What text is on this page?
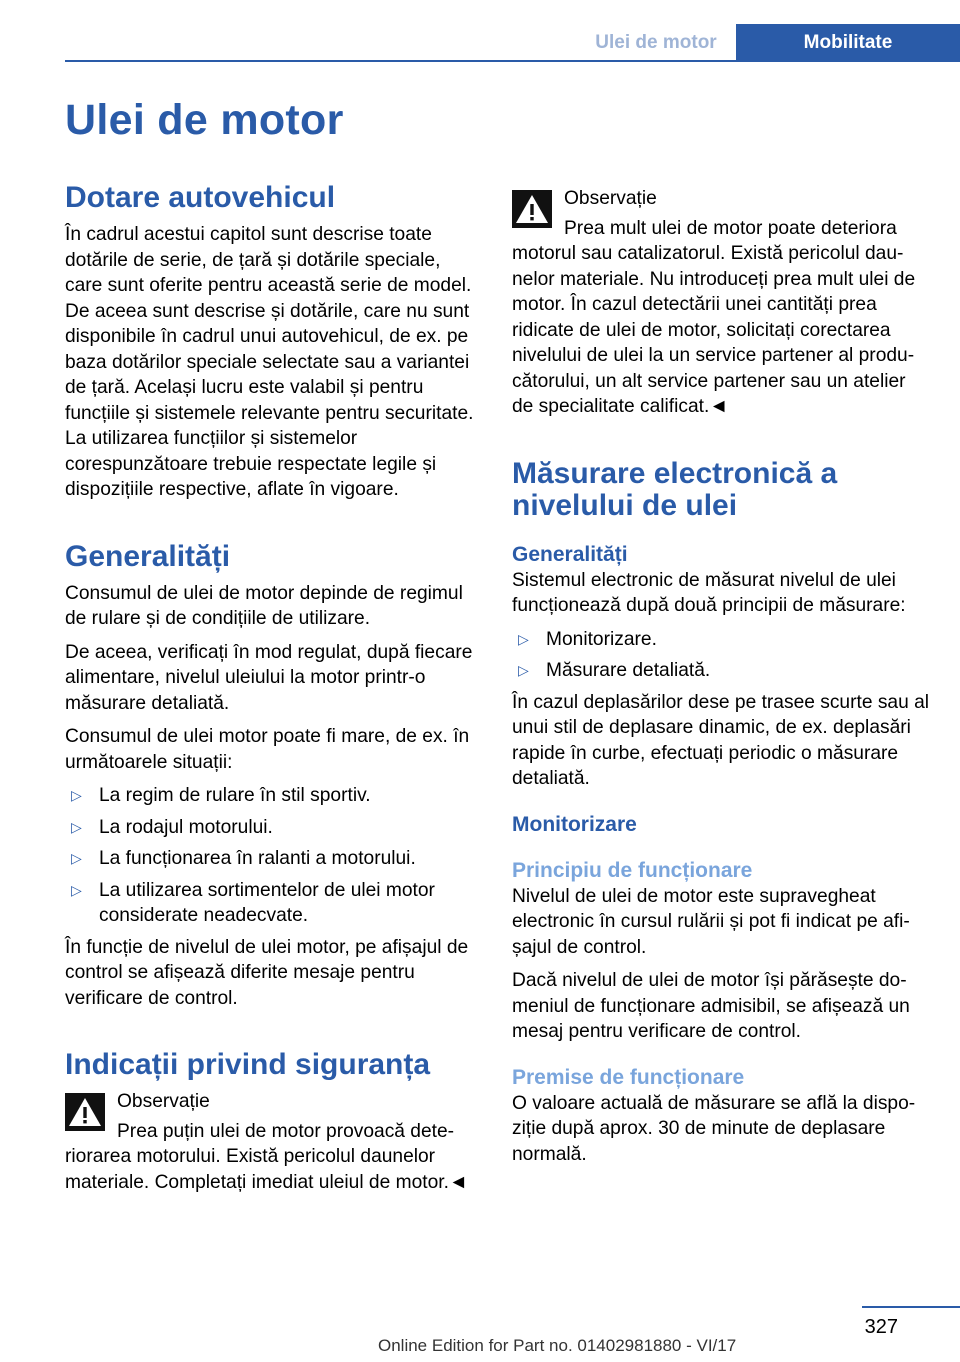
Ulei de motor	Mobilitate
Ulei de motor
Dotare autovehicul

În cadrul acestui capitol sunt descrise toate dotările de serie, de țară și dotările speciale, care sunt oferite pentru această serie de model. De aceea sunt descrise și dotările, care nu sunt disponibile în cadrul unui autovehicul, de ex. pe baza dotărilor speciale selectate sau a variantei de țară. Același lucru este valabil și pentru funcțiile și sistemele relevante pentru securitate. La utilizarea funcțiilor și sistemelor corespunzătoare trebuie respectate legile și dispozițiile respective, aflate în vigoare.

Generalități

Consumul de ulei de motor depinde de regimul de rulare și de condițiile de utilizare.

De aceea, verificați în mod regulat, după fiecare alimentare, nivelul uleiului la motor printr-o măsurare detaliată.

Consumul de ulei motor poate fi mare, de ex. în următoarele situații:

▷ La regim de rulare în stil sportiv.
▷ La rodajul motorului.
▷ La funcționarea în ralanti a motorului.
▷ La utilizarea sortimentelor de ulei motor considerate neadecvate.

În funcție de nivelul de ulei motor, pe afișajul de control se afișează diferite mesaje pentru verificare de control.

Indicații privind siguranța
Observație

Prea puțin ulei de motor provoacă deteriorarea motorului. Există pericolul daunelor materiale. Completați imediat uleiul de motor.◄

Observație

Prea mult ulei de motor poate deteriora motorul sau catalizatorul. Există pericolul daunelor materiale. Nu introduceți prea mult ulei de motor. În cazul detectării unei cantități prea ridicate de ulei de motor, solicitați corectarea nivelului de ulei la un service partener al producătorului, un alt service partener sau un atelier de specialitate calificat.◄

Măsurare electronică a nivelului de ulei
Generalități

Sistemul electronic de măsurat nivelul de ulei funcționează după două principii de măsurare:

▷ Monitorizare.
▷ Măsurare detaliată.

În cazul deplasărilor dese pe trasee scurte sau al unui stil de deplasare dinamic, de ex. deplasări rapide în curbe, efectuați periodic o măsurare detaliată.

Monitorizare
Principiu de funcționare

Nivelul de ulei de motor este supravegheat electronic în cursul rulării și pot fi indicat pe afișajul de control.

Dacă nivelul de ulei de motor își părăsește domeniul de funcționare admisibil, se afișează un mesaj pentru verificare de control.

Premise de funcționare

O valoare actuală de măsurare se află la dispoziție după aprox. 30 de minute de deplasare normală.

327
Online Edition for Part no. 01402981880 - VI/17
